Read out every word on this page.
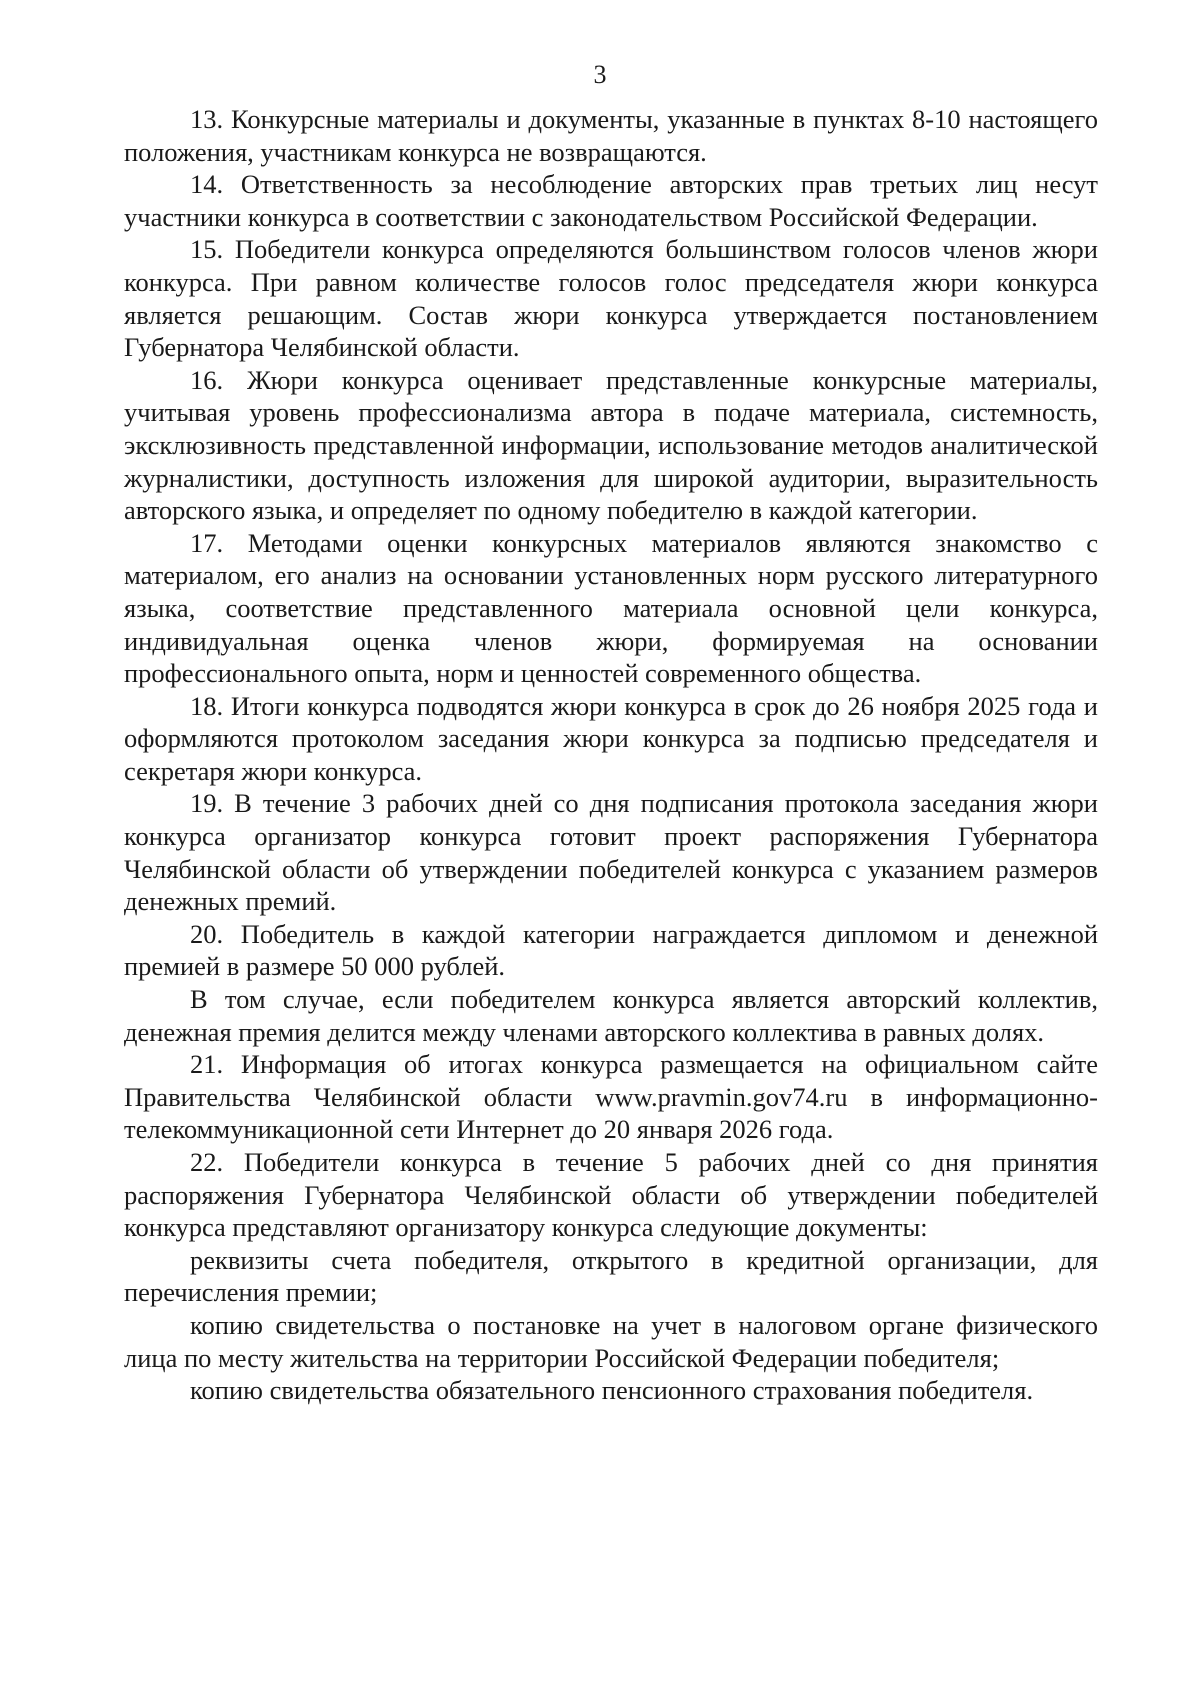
3

13. Конкурсные материалы и документы, указанные в пунктах 8-10 настоящего положения, участникам конкурса не возвращаются.

14. Ответственность за несоблюдение авторских прав третьих лиц несут участники конкурса в соответствии с законодательством Российской Федерации.

15. Победители конкурса определяются большинством голосов членов жюри конкурса. При равном количестве голосов голос председателя жюри конкурса является решающим. Состав жюри конкурса утверждается постановлением Губернатора Челябинской области.

16. Жюри конкурса оценивает представленные конкурсные материалы, учитывая уровень профессионализма автора в подаче материала, системность, эксклюзивность представленной информации, использование методов аналитической журналистики, доступность изложения для широкой аудитории, выразительность авторского языка, и определяет по одному победителю в каждой категории.

17. Методами оценки конкурсных материалов являются знакомство с материалом, его анализ на основании установленных норм русского литературного языка, соответствие представленного материала основной цели конкурса, индивидуальная оценка членов жюри, формируемая на основании профессионального опыта, норм и ценностей современного общества.

18. Итоги конкурса подводятся жюри конкурса в срок до 26 ноября 2025 года и оформляются протоколом заседания жюри конкурса за подписью председателя и секретаря жюри конкурса.

19. В течение 3 рабочих дней со дня подписания протокола заседания жюри конкурса организатор конкурса готовит проект распоряжения Губернатора Челябинской области об утверждении победителей конкурса с указанием размеров денежных премий.

20. Победитель в каждой категории награждается дипломом и денежной премией в размере 50 000 рублей.

В том случае, если победителем конкурса является авторский коллектив, денежная премия делится между членами авторского коллектива в равных долях.

21. Информация об итогах конкурса размещается на официальном сайте Правительства Челябинской области www.pravmin.gov74.ru в информационно-телекоммуникационной сети Интернет до 20 января 2026 года.

22. Победители конкурса в течение 5 рабочих дней со дня принятия распоряжения Губернатора Челябинской области об утверждении победителей конкурса представляют организатору конкурса следующие документы:

реквизиты счета победителя, открытого в кредитной организации, для перечисления премии;

копию свидетельства о постановке на учет в налоговом органе физического лица по месту жительства на территории Российской Федерации победителя;

копию свидетельства обязательного пенсионного страхования победителя.
